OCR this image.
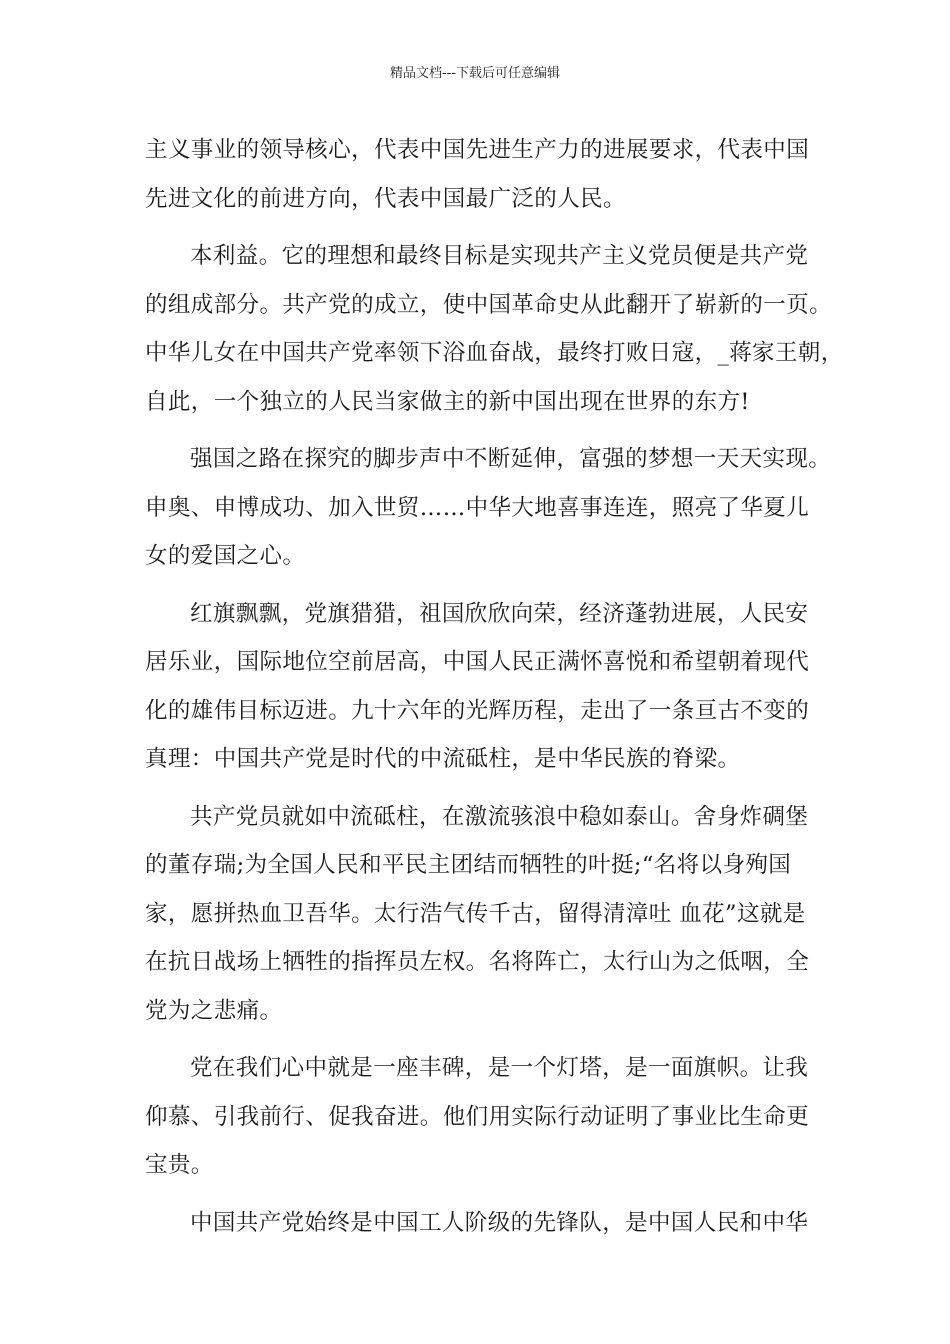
精品文档---下载后可任意编辑
主义事业的领导核心，代表中国先进生产力的进展要求，代表中国
先进文化的前进方向，代表中国最广泛的人民。
本利益。它的理想和最终目标是实现共产主义党员便是共产党
的组成部分。共产党的成立，使中国革命史从此翻开了崭新的一页。
中华儿女在中国共产党率领下浴血奋战，最终打败日寇，_蒋家王朝，
自此，一个独立的人民当家做主的新中国出现在世界的东方!
强国之路在探究的脚步声中不断延伸，富强的梦想一天天实现。
申奥、申博成功、加入世贸……中华大地喜事连连，照亮了华夏儿
女的爱国之心。
红旗飘飘，党旗猎猎，祖国欣欣向荣，经济蓬勃进展，人民安
居乐业，国际地位空前居高，中国人民正满怀喜悦和希望朝着现代
化的雄伟目标迈进。九十六年的光辉历程，走出了一条亘古不变的
真理：中国共产党是时代的中流砥柱，是中华民族的脊梁。
共产党员就如中流砥柱，在激流骇浪中稳如泰山。舍身炸碉堡
的董存瑞;为全国人民和平民主团结而牺牲的叶挺;“名将以身殉国
家，愿拼热血卫吾华。太行浩气传千古，留得清漳吐 血花”这就是
在抗日战场上牺牲的指挥员左权。名将阵亡，太行山为之低咽，全
党为之悲痛。
党在我们心中就是一座丰碑，是一个灯塔，是一面旗帜。让我
仰慕、引我前行、促我奋进。他们用实际行动证明了事业比生命更
宝贵。
中国共产党始终是中国工人阶级的先锋队，是中国人民和中华
